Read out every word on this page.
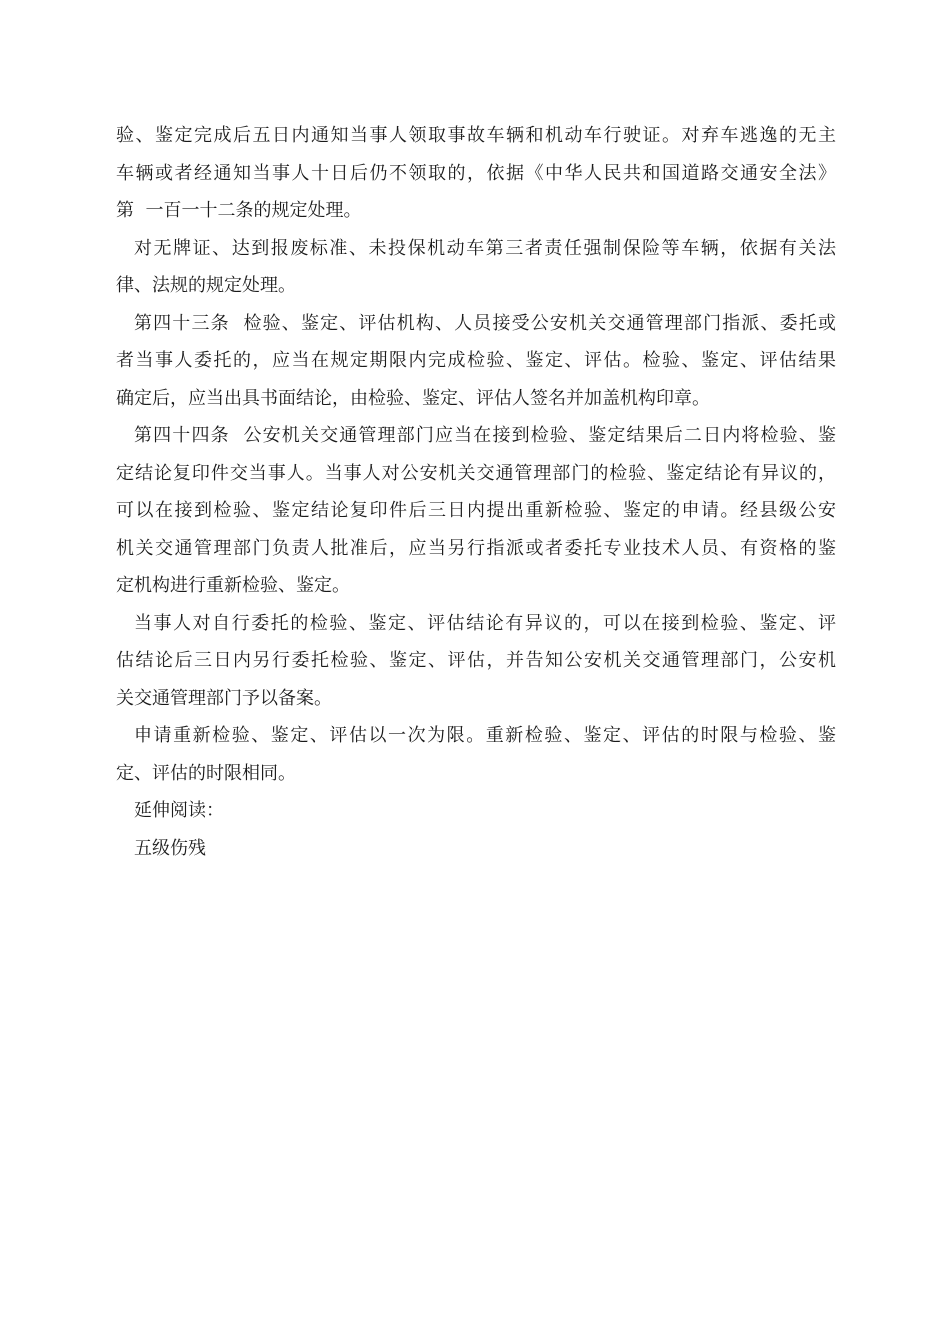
验、鉴定完成后五日内通知当事人领取事故车辆和机动车行驶证。对弃车逃逸的无主
车辆或者经通知当事人十日后仍不领取的，依据《中华人民共和国道路交通安全法》
第  一百一十二条的规定处理。

对无牌证、达到报废标准、未投保机动车第三者责任强制保险等车辆，依据有关法
律、法规的规定处理。

第四十三条  检验、鉴定、评估机构、人员接受公安机关交通管理部门指派、委托或
者当事人委托的，应当在规定期限内完成检验、鉴定、评估。检验、鉴定、评估结果
确定后，应当出具书面结论，由检验、鉴定、评估人签名并加盖机构印章。

第四十四条  公安机关交通管理部门应当在接到检验、鉴定结果后二日内将检验、鉴
定结论复印件交当事人。当事人对公安机关交通管理部门的检验、鉴定结论有异议的，
可以在接到检验、鉴定结论复印件后三日内提出重新检验、鉴定的申请。经县级公安
机关交通管理部门负责人批准后，应当另行指派或者委托专业技术人员、有资格的鉴
定机构进行重新检验、鉴定。

当事人对自行委托的检验、鉴定、评估结论有异议的，可以在接到检验、鉴定、评
估结论后三日内另行委托检验、鉴定、评估，并告知公安机关交通管理部门，公安机
关交通管理部门予以备案。

申请重新检验、鉴定、评估以一次为限。重新检验、鉴定、评估的时限与检验、鉴
定、评估的时限相同。

延伸阅读：

五级伤残
